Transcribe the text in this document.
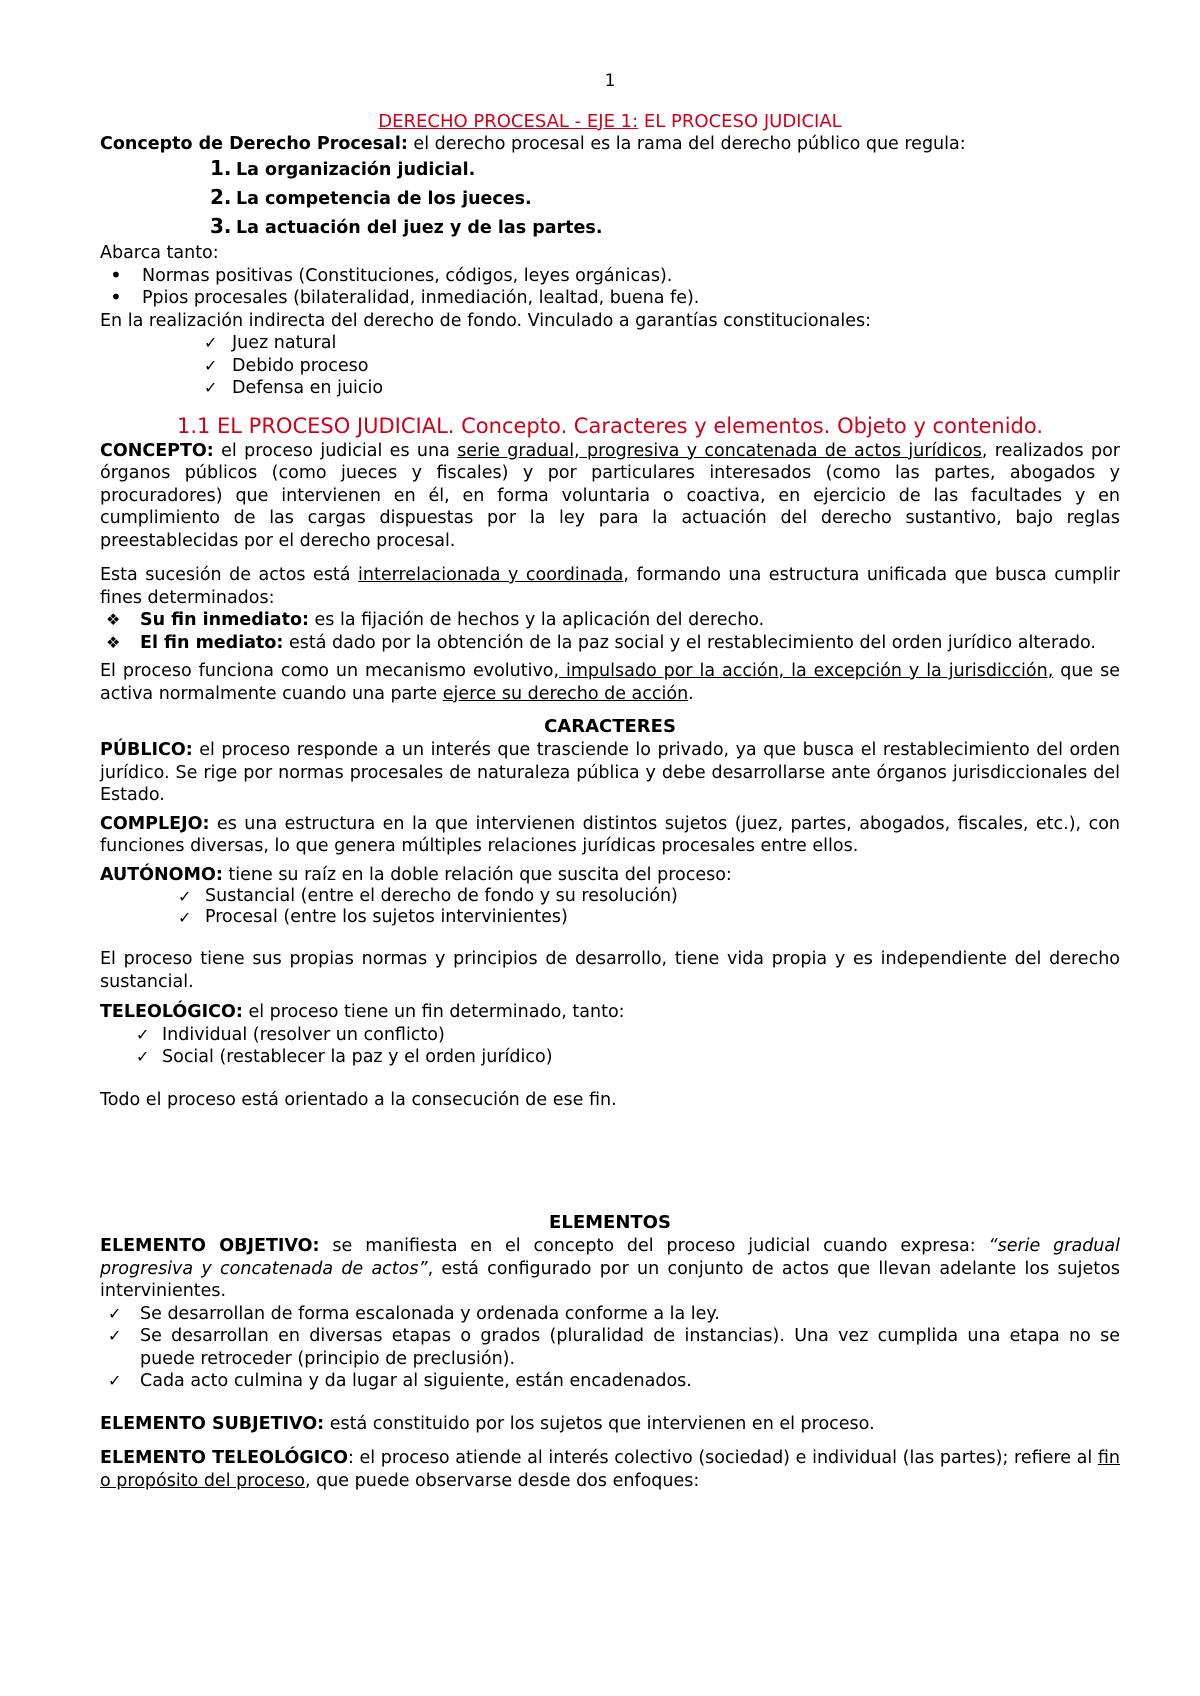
1

DERECHO PROCESAL - EJE 1: EL PROCESO JUDICIAL

Concepto de Derecho Procesal: el derecho procesal es la rama del derecho público que regula:

1. La organización judicial.
2. La competencia de los jueces.
3. La actuación del juez y de las partes.

Abarca tanto:

• Normas positivas (Constituciones, códigos, leyes orgánicas).
• Ppios procesales (bilateralidad, inmediación, lealtad, buena fe).

En la realización indirecta del derecho de fondo. Vinculado a garantías constitucionales:

✓ Juez natural
✓ Debido proceso
✓ Defensa en juicio

1.1 EL PROCESO JUDICIAL. Concepto. Caracteres y elementos. Objeto y contenido.

CONCEPTO: el proceso judicial es una serie gradual, progresiva y concatenada de actos jurídicos, realizados por órganos públicos (como jueces y fiscales) y por particulares interesados (como las partes, abogados y procuradores) que intervienen en él, en forma voluntaria o coactiva, en ejercicio de las facultades y en cumplimiento de las cargas dispuestas por la ley para la actuación del derecho sustantivo, bajo reglas preestablecidas por el derecho procesal.

Esta sucesión de actos está interrelacionada y coordinada, formando una estructura unificada que busca cumplir fines determinados:

❖ Su fin inmediato: es la fijación de hechos y la aplicación del derecho.
❖ El fin mediato: está dado por la obtención de la paz social y el restablecimiento del orden jurídico alterado.

El proceso funciona como un mecanismo evolutivo, impulsado por la acción, la excepción y la jurisdicción, que se activa normalmente cuando una parte ejerce su derecho de acción.

CARACTERES

PÚBLICO: el proceso responde a un interés que trasciende lo privado, ya que busca el restablecimiento del orden jurídico. Se rige por normas procesales de naturaleza pública y debe desarrollarse ante órganos jurisdiccionales del Estado.

COMPLEJO: es una estructura en la que intervienen distintos sujetos (juez, partes, abogados, fiscales, etc.), con funciones diversas, lo que genera múltiples relaciones jurídicas procesales entre ellos.

AUTÓNOMO: tiene su raíz en la doble relación que suscita del proceso:

✓ Sustancial (entre el derecho de fondo y su resolución)
✓ Procesal (entre los sujetos intervinientes)

El proceso tiene sus propias normas y principios de desarrollo, tiene vida propia y es independiente del derecho sustancial.

TELEOLÓGICO: el proceso tiene un fin determinado, tanto:

✓ Individual (resolver un conflicto)
✓ Social (restablecer la paz y el orden jurídico)

Todo el proceso está orientado a la consecución de ese fin.

ELEMENTOS

ELEMENTO OBJETIVO: se manifiesta en el concepto del proceso judicial cuando expresa: “serie gradual progresiva y concatenada de actos”, está configurado por un conjunto de actos que llevan adelante los sujetos intervinientes.

✓ Se desarrollan de forma escalonada y ordenada conforme a la ley.
✓ Se desarrollan en diversas etapas o grados (pluralidad de instancias). Una vez cumplida una etapa no se puede retroceder (principio de preclusión).
✓ Cada acto culmina y da lugar al siguiente, están encadenados.

ELEMENTO SUBJETIVO: está constituido por los sujetos que intervienen en el proceso.

ELEMENTO TELEOLÓGICO: el proceso atiende al interés colectivo (sociedad) e individual (las partes); refiere al fin o propósito del proceso, que puede observarse desde dos enfoques:
